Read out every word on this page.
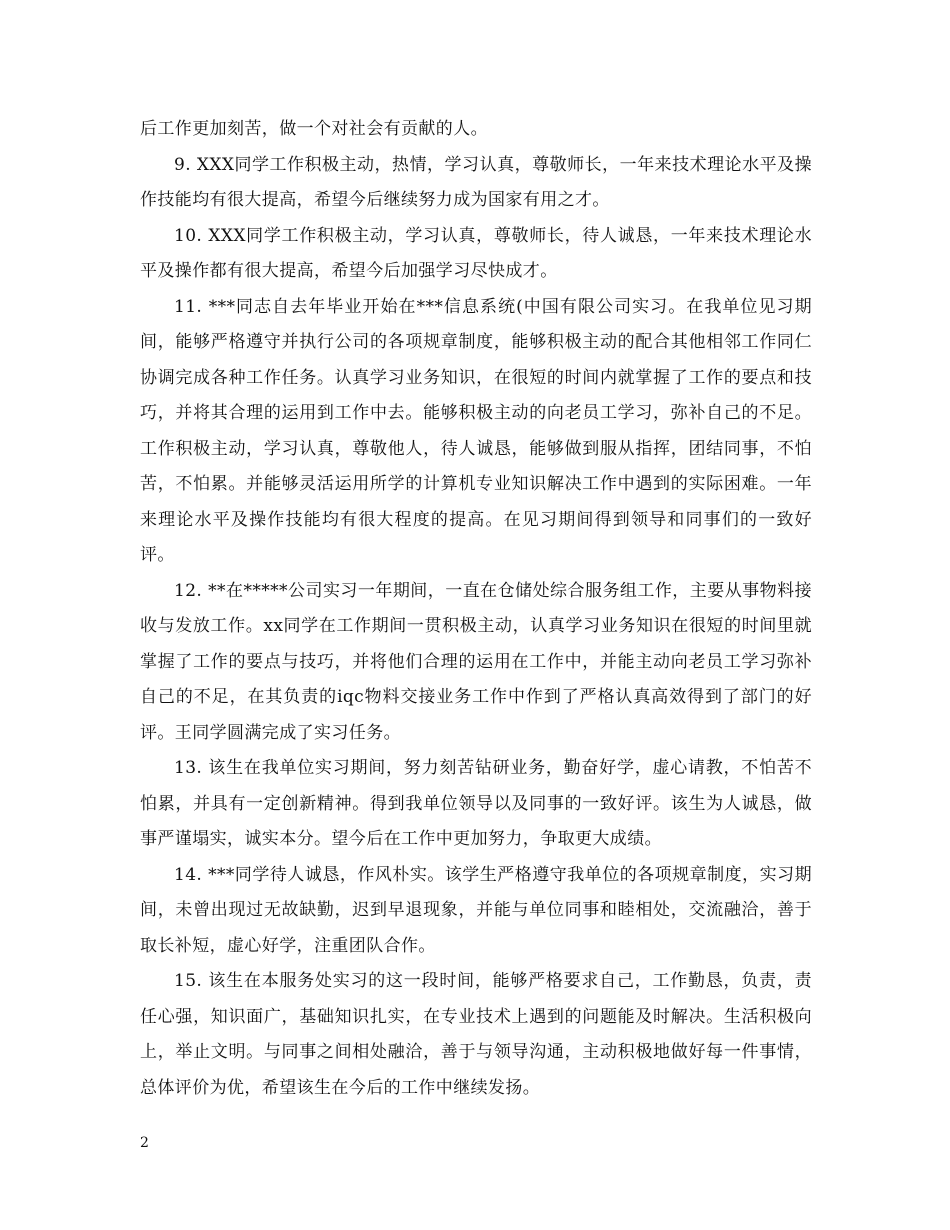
后工作更加刻苦，做一个对社会有贡献的人。

9. XXX同学工作积极主动，热情，学习认真，尊敬师长，一年来技术理论水平及操作技能均有很大提高，希望今后继续努力成为国家有用之才。

10. XXX同学工作积极主动，学习认真，尊敬师长，待人诚恳，一年来技术理论水平及操作都有很大提高，希望今后加强学习尽快成才。

11. ***同志自去年毕业开始在***信息系统(中国有限公司实习。在我单位见习期间，能够严格遵守并执行公司的各项规章制度，能够积极主动的配合其他相邻工作同仁协调完成各种工作任务。认真学习业务知识，在很短的时间内就掌握了工作的要点和技巧，并将其合理的运用到工作中去。能够积极主动的向老员工学习，弥补自己的不足。工作积极主动，学习认真，尊敬他人，待人诚恳，能够做到服从指挥，团结同事，不怕苦，不怕累。并能够灵活运用所学的计算机专业知识解决工作中遇到的实际困难。一年来理论水平及操作技能均有很大程度的提高。在见习期间得到领导和同事们的一致好评。

12. **在*****公司实习一年期间，一直在仓储处综合服务组工作，主要从事物料接收与发放工作。xx同学在工作期间一贯积极主动，认真学习业务知识在很短的时间里就掌握了工作的要点与技巧，并将他们合理的运用在工作中，并能主动向老员工学习弥补自己的不足，在其负责的iqc物料交接业务工作中作到了严格认真高效得到了部门的好评。王同学圆满完成了实习任务。

13. 该生在我单位实习期间，努力刻苦钻研业务，勤奋好学，虚心请教，不怕苦不怕累，并具有一定创新精神。得到我单位领导以及同事的一致好评。该生为人诚恳，做事严谨塌实，诚实本分。望今后在工作中更加努力，争取更大成绩。

14. ***同学待人诚恳，作风朴实。该学生严格遵守我单位的各项规章制度，实习期间，未曾出现过无故缺勤，迟到早退现象，并能与单位同事和睦相处，交流融洽，善于取长补短，虚心好学，注重团队合作。

15. 该生在本服务处实习的这一段时间，能够严格要求自己，工作勤恳，负责，责任心强，知识面广，基础知识扎实，在专业技术上遇到的问题能及时解决。生活积极向上，举止文明。与同事之间相处融洽，善于与领导沟通，主动积极地做好每一件事情，总体评价为优，希望该生在今后的工作中继续发扬。

2
